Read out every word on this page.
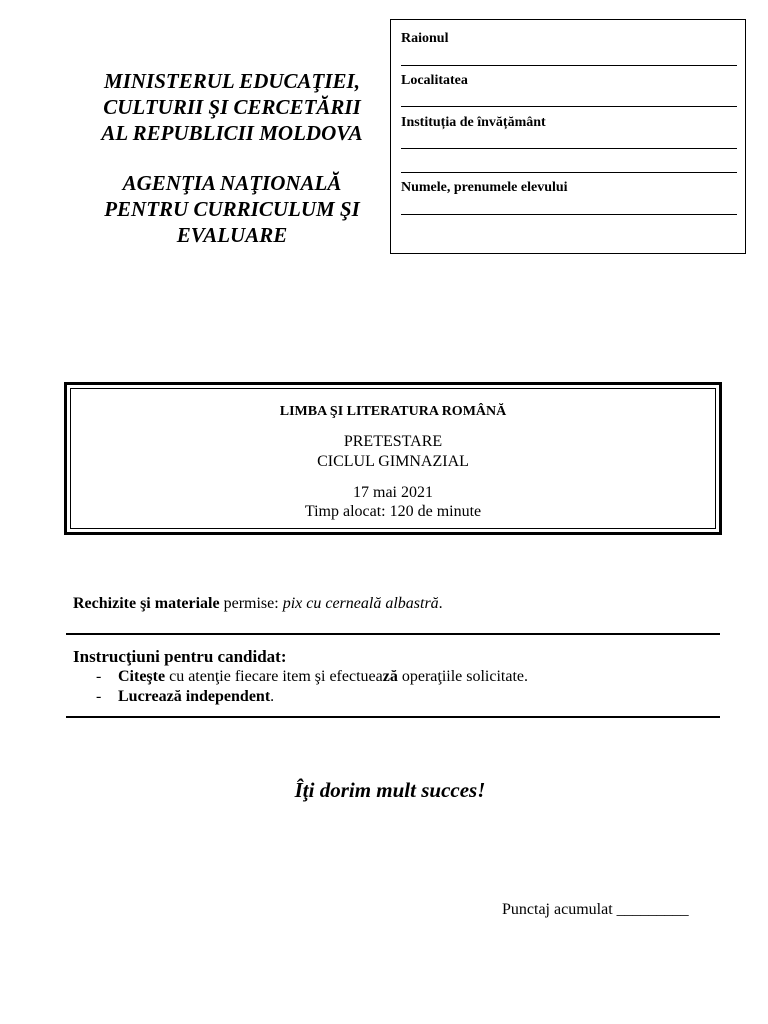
MINISTERUL EDUCAŢIEI,
CULTURII ŞI CERCETĂRII
AL REPUBLICII MOLDOVA
AGENŢIA NAŢIONALĂ
PENTRU CURRICULUM ŞI
EVALUARE
Raionul
Localitatea
Instituția de învățământ
Numele, prenumele elevului
LIMBA ŞI LITERATURA ROMÂNĂ
PRETESTARE
CICLUL GIMNAZIAL
17 mai 2021
Timp alocat: 120 de minute
Rechizite şi materiale permise: pix cu cerneală albastră.
Instrucţiuni pentru candidat:
- Citeşte cu atenţie fiecare item şi efectuează operaţiile solicitate.
- Lucrează independent.
Îţi dorim mult succes!
Punctaj acumulat _________
